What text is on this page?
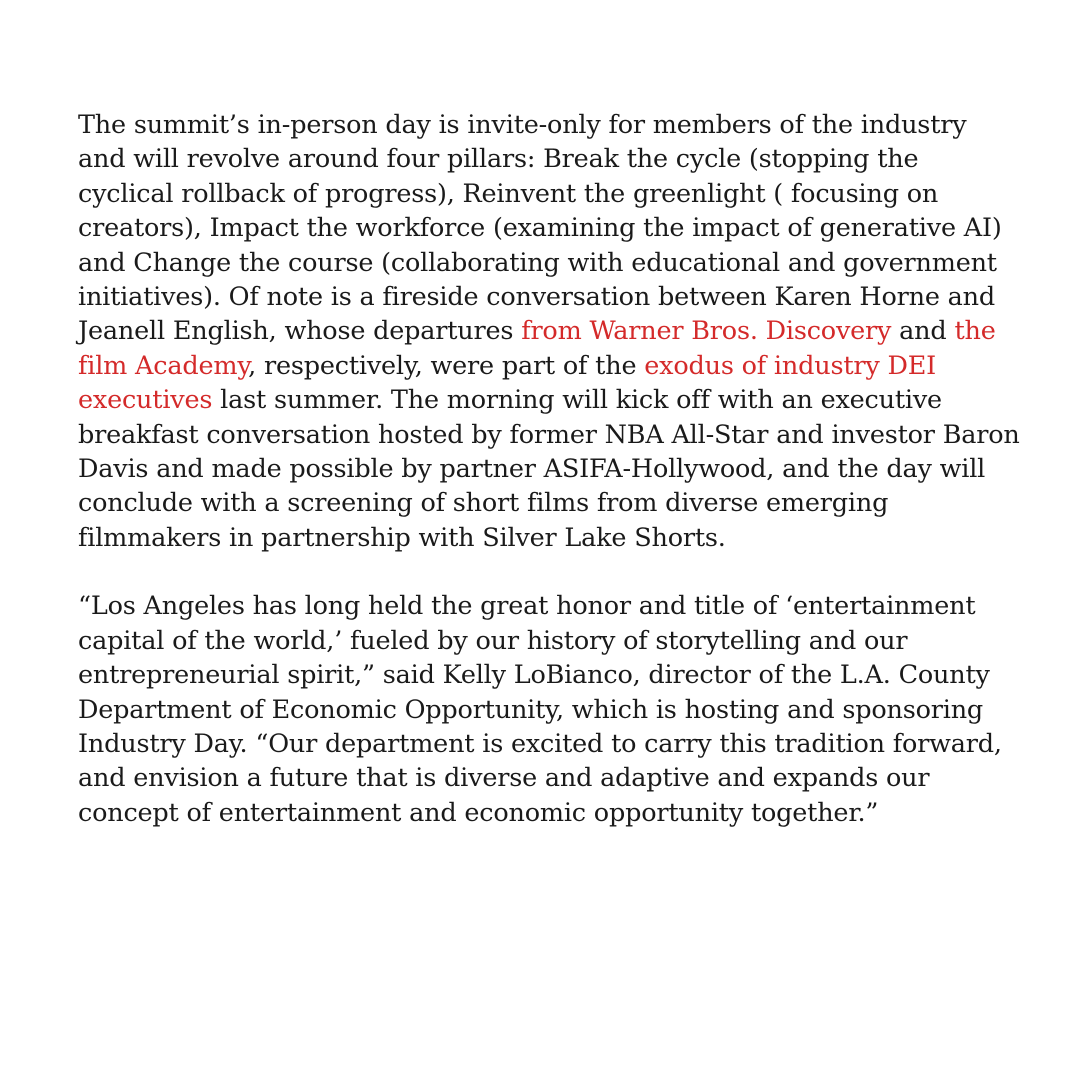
The summit’s in-person day is invite-only for members of the industry and will revolve around four pillars: Break the cycle (stopping the cyclical rollback of progress), Reinvent the greenlight ( focusing on creators), Impact the workforce (examining the impact of generative AI) and Change the course (collaborating with educational and government initiatives). Of note is a fireside conversation between Karen Horne and Jeanell English, whose departures from Warner Bros. Discovery and the film Academy, respectively, were part of the exodus of industry DEI executives last summer. The morning will kick off with an executive breakfast conversation hosted by former NBA All-Star and investor Baron Davis and made possible by partner ASIFA-Hollywood, and the day will conclude with a screening of short films from diverse emerging filmmakers in partnership with Silver Lake Shorts.

“Los Angeles has long held the great honor and title of ‘entertainment capital of the world,’ fueled by our history of storytelling and our entrepreneurial spirit,” said Kelly LoBianco, director of the L.A. County Department of Economic Opportunity, which is hosting and sponsoring Industry Day. “Our department is excited to carry this tradition forward, and envision a future that is diverse and adaptive and expands our concept of entertainment and economic opportunity together.”
